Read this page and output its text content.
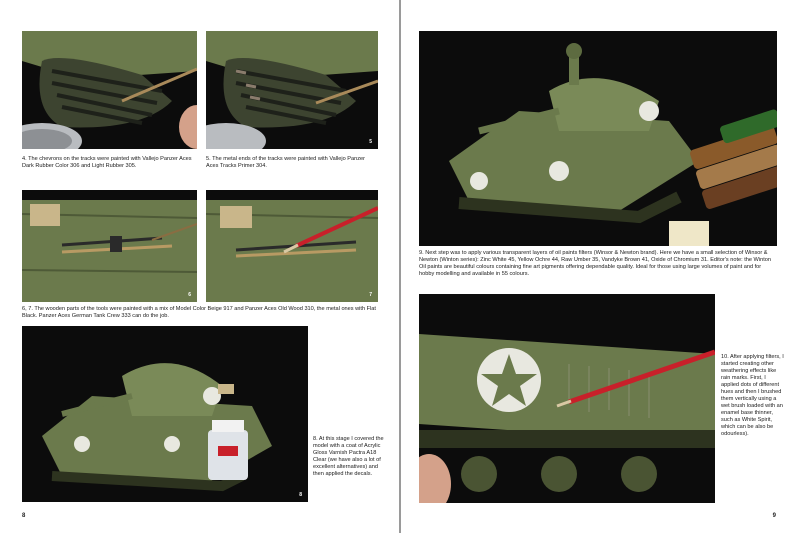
4. The chevrons on the tracks were painted with Vallejo Panzer Aces Dark Rubber Color 306 and Light Rubber 305.

5

5. The metal ends of the tracks were painted with Vallejo Panzer Aces Tracks Primer 304.

6	7

6, 7. The wooden parts of the tools were painted with a mix of Model Color Beige 917 and Panzer Aces Old Wood 310, the metal ones with Flat Black. Panzer Aces German Tank Crew 333 can do the job.

8

8. At this stage I covered the model with a coat of Acrylic Gloss Varnish Pactra A18 Clear (we have also a lot of excellent alternatives) and then applied the decals.

8

9. Next step was to apply various transparent layers of oil paints filters (Winsor & Newton brand). Here we have a small selection of Winsor & Newton (Winton series): Zinc White 45, Yellow Ochre 44, Raw Umber 35, Vandyke Brown 41, Oxide of Chromium 31. Editor's note: the Winton Oil paints are beautiful colours containing fine art pigments offering dependable quality. Ideal for those using large volumes of paint and for hobby modelling and available in 55 colours.

10. After applying filters, I started creating other weathering effects like rain marks. First, I applied dots of different hues and then I brushed them vertically using a wet brush loaded with an enamel base thinner, such as White Spirit, which can be also be odourless).

9
